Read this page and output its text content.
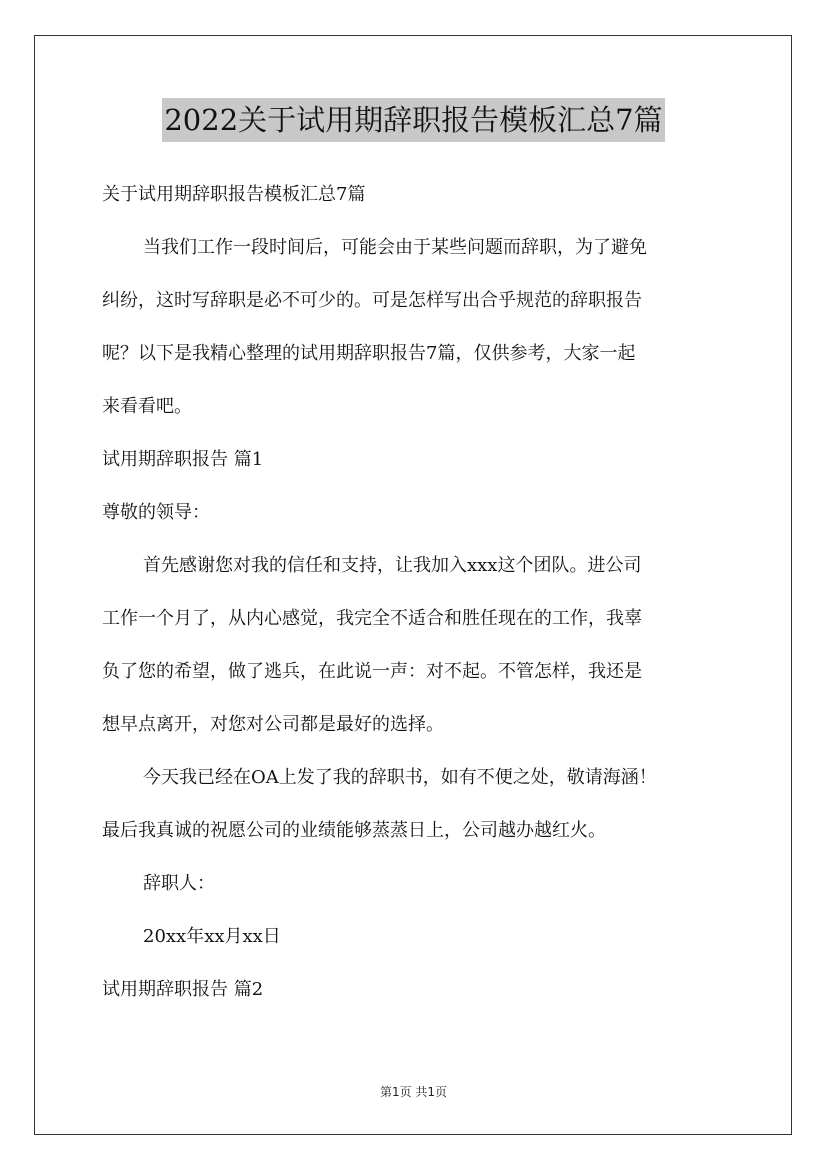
2022关于试用期辞职报告模板汇总7篇
关于试用期辞职报告模板汇总7篇
当我们工作一段时间后，可能会由于某些问题而辞职，为了避免
纠纷，这时写辞职是必不可少的。可是怎样写出合乎规范的辞职报告
呢？以下是我精心整理的试用期辞职报告7篇，仅供参考，大家一起
来看看吧。
试用期辞职报告 篇1
尊敬的领导：
首先感谢您对我的信任和支持，让我加入xxx这个团队。进公司
工作一个月了，从内心感觉，我完全不适合和胜任现在的工作，我辜
负了您的希望，做了逃兵，在此说一声：对不起。不管怎样，我还是
想早点离开，对您对公司都是最好的选择。
今天我已经在OA上发了我的辞职书，如有不便之处，敬请海涵！
最后我真诚的祝愿公司的业绩能够蒸蒸日上，公司越办越红火。
辞职人：
20xx年xx月xx日
试用期辞职报告 篇2
第1页 共1页
